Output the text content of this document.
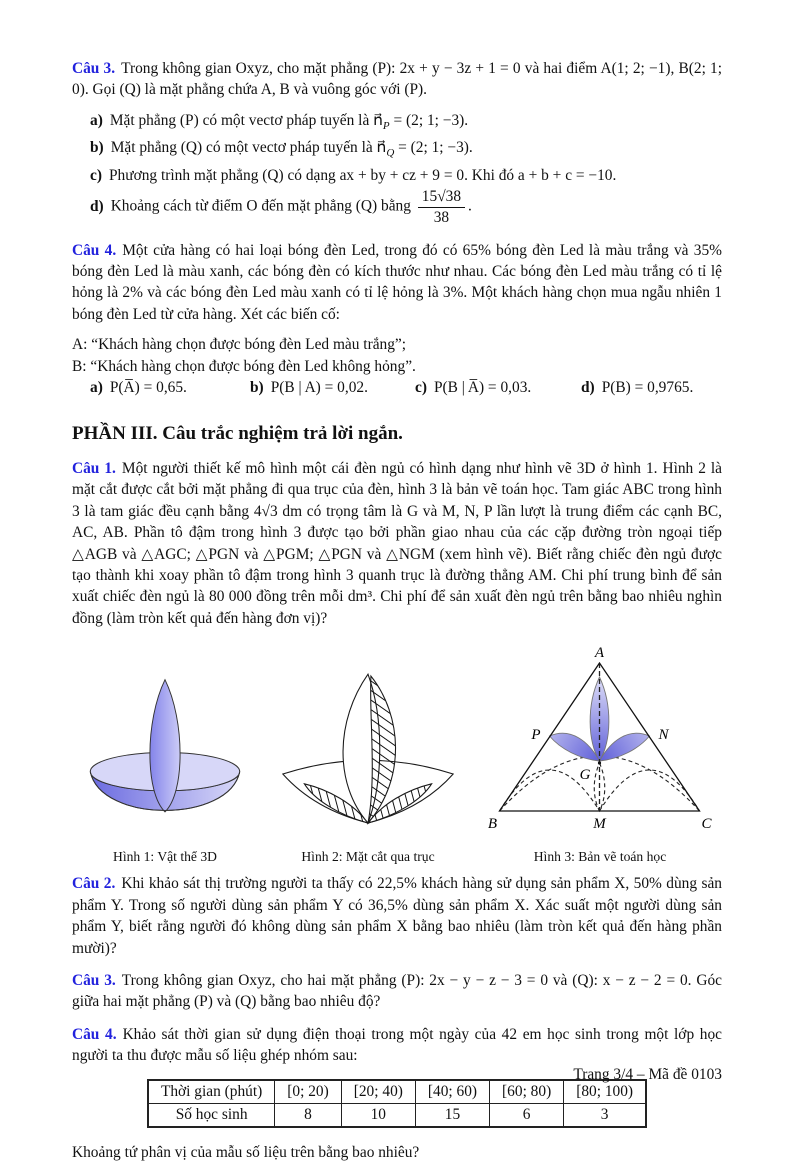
Câu 3. Trong không gian Oxyz, cho mặt phẳng (P): 2x + y − 3z + 1 = 0 và hai điểm A(1; 2; −1), B(2; 1; 0). Gọi (Q) là mặt phẳng chứa A, B và vuông góc với (P).

a) Mặt phẳng (P) có một vectơ pháp tuyến là $n⃗_P = (2$; 1; −3).
b) Mặt phẳng (Q) có một vectơ pháp tuyến là $n⃗_Q = (2$; 1; −3).
c) Phương trình mặt phẳng (Q) có dạng ax + by + cz + 9 = 0. Khi đó a + b + c = −10.
d) Khoảng cách từ điểm O đến mặt phẳng (Q) bằng $\frac{15√38}{38}$ .

Câu 4. Một cửa hàng có hai loại bóng đèn Led, trong đó có 65% bóng đèn Led là màu trắng và 35% bóng đèn Led là màu xanh, các bóng đèn có kích thước như nhau. Các bóng đèn Led màu trắng có tỉ lệ hỏng là 2% và các bóng đèn Led màu xanh có tỉ lệ hỏng là 3%. Một khách hàng chọn mua ngẫu nhiên 1 bóng đèn Led từ cửa hàng. Xét các biến cố:

A: “Khách hàng chọn được bóng đèn Led màu trắng”;

B: “Khách hàng chọn được bóng đèn Led không hỏng”.

a) P(A̅) = 0,65.	b) P(B | A) = 0,02.	c) P(B | A̅) = 0,03.	d) P(B) = 0,9765.
PHẦN III. Câu trắc nghiệm trả lời ngắn.

Câu 1. Một người thiết kế mô hình một cái đèn ngủ có hình dạng như hình vẽ 3D ở hình 1. Hình 2 là mặt cắt được cắt bởi mặt phẳng đi qua trục của đèn, hình 3 là bản vẽ toán học. Tam giác ABC trong hình 3 là tam giác đều cạnh bằng 4√3 dm có trọng tâm là G và M, N, P lần lượt là trung điểm các cạnh BC, AC, AB. Phần tô đậm trong hình 3 được tạo bởi phần giao nhau của các cặp đường tròn ngoại tiếp △AGB và △AGC; △PGN và △PGM; △PGN và △NGM (xem hình vẽ). Biết rằng chiếc đèn ngủ được tạo thành khi xoay phần tô đậm trong hình 3 quanh trục là đường thẳng AM. Chi phí trung bình để sản xuất chiếc đèn ngủ là 80 000 đồng trên mỗi dm³. Chi phí để sản xuất đèn ngủ trên bằng bao nhiêu nghìn đồng (làm tròn kết quả đến hàng đơn vị)?

Hình 1: Vật thể 3D	Hình 2: Mặt cắt qua trục
A
B	C
M
P	N
G
Hình 3: Bản vẽ toán học

Câu 2. Khi khảo sát thị trường người ta thấy có 22,5% khách hàng sử dụng sản phẩm X, 50% dùng sản phẩm Y. Trong số người dùng sản phẩm Y có 36,5% dùng sản phẩm X. Xác suất một người dùng sản phẩm Y, biết rằng người đó không dùng sản phẩm X bằng bao nhiêu (làm tròn kết quả đến hàng phần mười)?

Câu 3. Trong không gian Oxyz, cho hai mặt phẳng (P): 2x − y − z − 3 = 0 và (Q): x − z − 2 = 0. Góc giữa hai mặt phẳng (P) và (Q) bằng bao nhiêu độ?

Câu 4. Khảo sát thời gian sử dụng điện thoại trong một ngày của 42 em học sinh trong một lớp học người ta thu được mẫu số liệu ghép nhóm sau:

Thời gian (phút)	[0; 20)	[20; 40)	[40; 60)	[60; 80)	[80; 100)
Số học sinh	8	10	15	6	3

Khoảng tứ phân vị của mẫu số liệu trên bằng bao nhiêu?

Trang 3/4 – Mã đề 0103
